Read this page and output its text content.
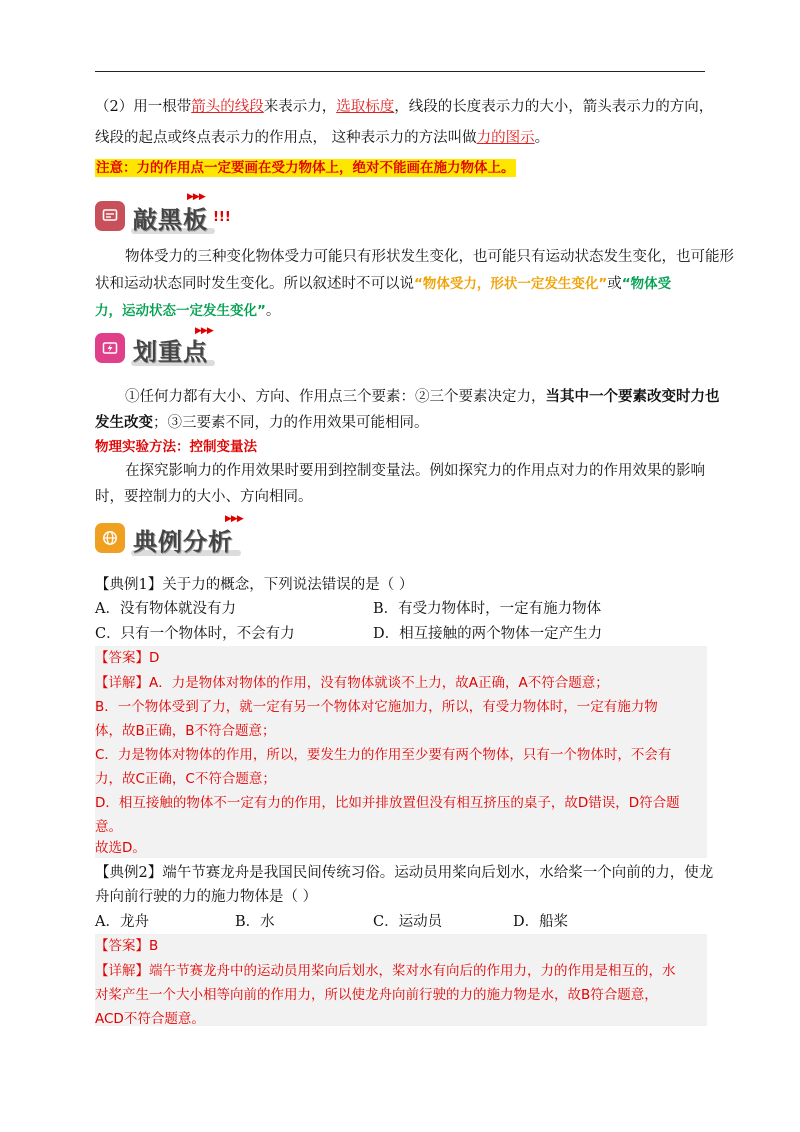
（2）用一根带箭头的线段来表示力，选取标度，线段的长度表示力的大小，箭头表示力的方向，
线段的起点或终点表示力的作用点， 这种表示力的方法叫做力的图示。
注意：力的作用点一定要画在受力物体上，绝对不能画在施力物体上。
敲黑板
▶▶▶
!!!
物体受力的三种变化物体受力可能只有形状发生变化，也可能只有运动状态发生变化，也可能形
状和运动状态同时发生变化。所以叙述时不可以说“物体受力，形状一定发生变化”或“物体受
力，运动状态一定发生变化”。
划重点
▶▶▶
①任何力都有大小、方向、作用点三个要素：②三个要素决定力，当其中一个要素改变时力也
发生改变；③三要素不同，力的作用效果可能相同。
物理实验方法：控制变量法
在探究影响力的作用效果时要用到控制变量法。例如探究力的作用点对力的作用效果的影响
时，要控制力的大小、方向相同。
典例分析
▶▶▶
【典例1】关于力的概念，下列说法错误的是（ ）
A．没有物体就没有力	B．有受力物体时，一定有施力物体
C．只有一个物体时，不会有力	D．相互接触的两个物体一定产生力
【答案】D
【详解】A．力是物体对物体的作用，没有物体就谈不上力，故A正确，A不符合题意；
B．一个物体受到了力，就一定有另一个物体对它施加力，所以，有受力物体时，一定有施力物
体，故B正确，B不符合题意；
C．力是物体对物体的作用，所以，要发生力的作用至少要有两个物体，只有一个物体时，不会有
力，故C正确，C不符合题意；
D．相互接触的物体不一定有力的作用，比如并排放置但没有相互挤压的桌子，故D错误，D符合题
意。
故选D。
【典例2】端午节赛龙舟是我国民间传统习俗。运动员用桨向后划水，水给桨一个向前的力，使龙
舟向前行驶的力的施力物体是（ ）
A．龙舟	B．水	C．运动员	D．船桨
【答案】B
【详解】端午节赛龙舟中的运动员用桨向后划水，桨对水有向后的作用力，力的作用是相互的，水
对桨产生一个大小相等向前的作用力，所以使龙舟向前行驶的力的施力物是水，故B符合题意，
ACD不符合题意。
